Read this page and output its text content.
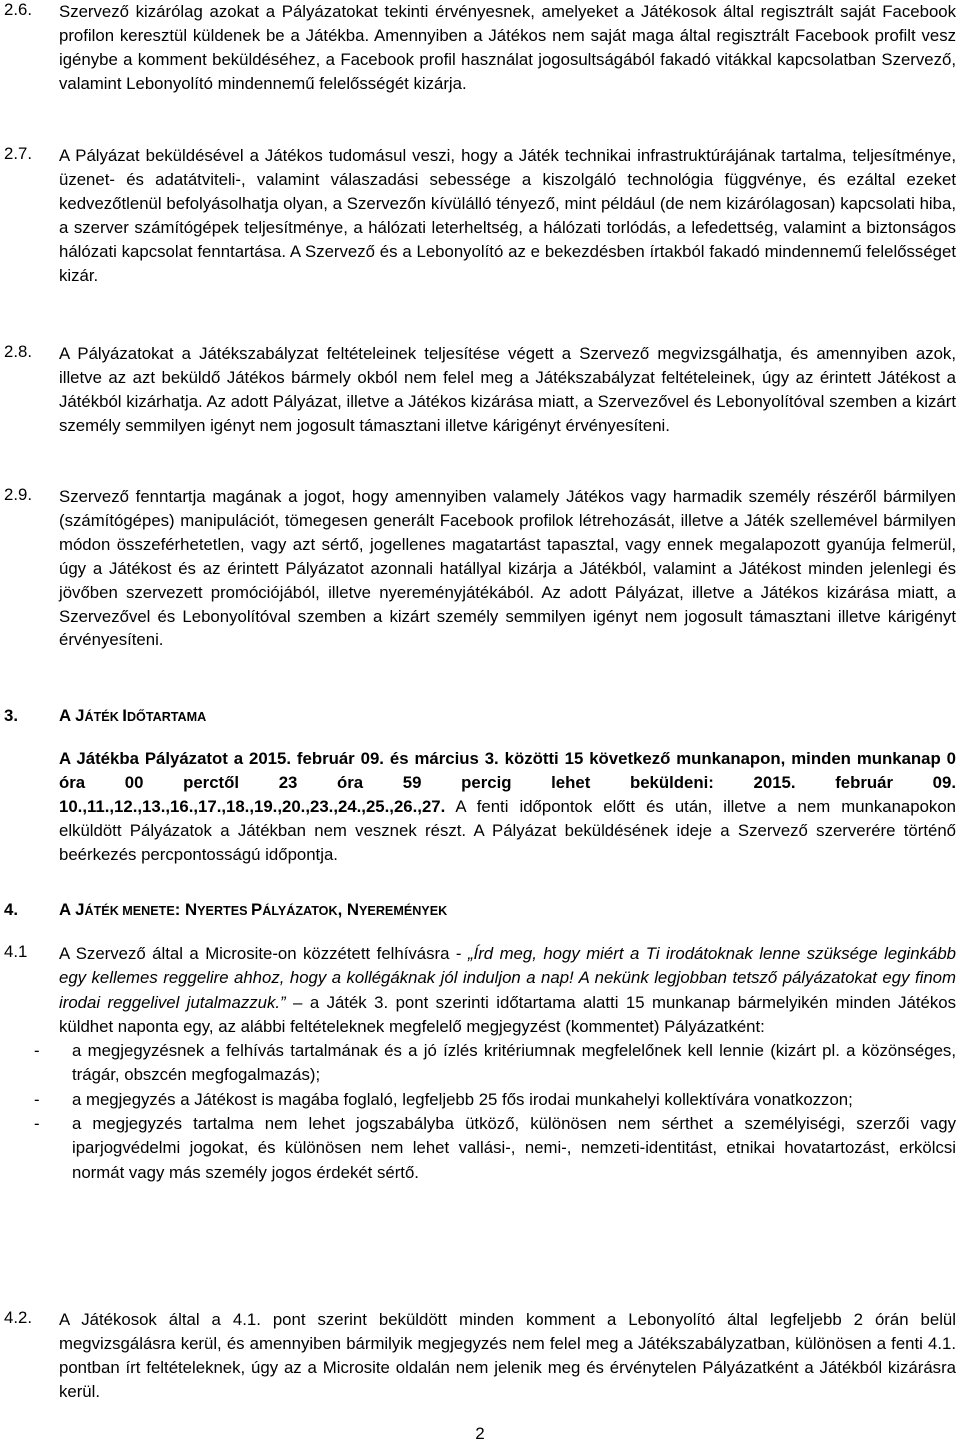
2.6. Szervező kizárólag azokat a Pályázatokat tekinti érvényesnek, amelyeket a Játékosok által regisztrált saját Facebook profilon keresztül küldenek be a Játékba. Amennyiben a Játékos nem saját maga által regisztrált Facebook profilt vesz igénybe a komment beküldéséhez, a Facebook profil használat jogosultságából fakadó vitákkal kapcsolatban Szervező, valamint Lebonyolító mindennemű felelősségét kizárja.
2.7. A Pályázat beküldésével a Játékos tudomásul veszi, hogy a Játék technikai infrastruktúrájának tartalma, teljesítménye, üzenet- és adatátviteli-, valamint válaszadási sebessége a kiszolgáló technológia függvénye, és ezáltal ezeket kedvezőtlenül befolyásolhatja olyan, a Szervezőn kívülálló tényező, mint például (de nem kizárólagosan) kapcsolati hiba, a szerver számítógépek teljesítménye, a hálózati leterheltség, a hálózati torlódás, a lefedettség, valamint a biztonságos hálózati kapcsolat fenntartása. A Szervező és a Lebonyolító az e bekezdésben írtakból fakadó mindennemű felelősséget kizár.
2.8. A Pályázatokat a Játékszabályzat feltételeinek teljesítése végett a Szervező megvizsgálhatja, és amennyiben azok, illetve az azt beküldő Játékos bármely okból nem felel meg a Játékszabályzat feltételeinek, úgy az érintett Játékost a Játékból kizárhatja. Az adott Pályázat, illetve a Játékos kizárása miatt, a Szervezővel és Lebonyolítóval szemben a kizárt személy semmilyen igényt nem jogosult támasztani illetve kárigényt érvényesíteni.
2.9. Szervező fenntartja magának a jogot, hogy amennyiben valamely Játékos vagy harmadik személy részéről bármilyen (számítógépes) manipulációt, tömegesen generált Facebook profilok létrehozását, illetve a Játék szellemével bármilyen módon összeférhetetlen, vagy azt sértő, jogellenes magatartást tapasztal, vagy ennek megalapozott gyanúja felmerül, úgy a Játékost és az érintett Pályázatot azonnali hatállyal kizárja a Játékból, valamint a Játékost minden jelenlegi és jövőben szervezett promóciójából, illetve nyereményjátékából. Az adott Pályázat, illetve a Játékos kizárása miatt, a Szervezővel és Lebonyolítóval szemben a kizárt személy semmilyen igényt nem jogosult támasztani illetve kárigényt érvényesíteni.
3. A JÁTÉK IDŐTARTAMA
A Játékba Pályázatot a 2015. február 09. és március 3. közötti 15 következő munkanapon, minden munkanap 0 óra 00 perctől 23 óra 59 percig lehet beküldeni: 2015. február 09. 10.,11.,12.,13.,16.,17.,18.,19.,20.,23.,24.,25.,26.,27. A fenti időpontok előtt és után, illetve a nem munkanapokon elküldött Pályázatok a Játékban nem vesznek részt. A Pályázat beküldésének ideje a Szervező szerverére történő beérkezés percpontosságú időpontja.
4. A JÁTÉK MENETE: NYERTES PÁLYÁZATOK, NYEREMÉNYEK
4.1 A Szervező által a Microsite-on közzétett felhívásra - „Írd meg, hogy miért a Ti irodátoknak lenne szüksége leginkább egy kellemes reggelire ahhoz, hogy a kollégáknak jól induljon a nap! A nekünk legjobban tetsző pályázatokat egy finom irodai reggelivel jutalmazzuk.” – a Játék 3. pont szerinti időtartama alatti 15 munkanap bármelyikén minden Játékos küldhet naponta egy, az alábbi feltételeknek megfelelő megjegyzést (kommentet) Pályázatként:
- a megjegyzésnek a felhívás tartalmának és a jó ízlés kritériumnak megfelelőnek kell lennie (kizárt pl. a közönséges, trágár, obszcén megfogalmazás);
- a megjegyzés a Játékost is magába foglaló, legfeljebb 25 fős irodai munkahelyi kollektívára vonatkozzon;
- a megjegyzés tartalma nem lehet jogszabályba ütköző, különösen nem sérthet a személyiségi, szerzői vagy iparjogvédelmi jogokat, és különösen nem lehet vallási-, nemi-, nemzeti-identitást, etnikai hovatartozást, erkölcsi normát vagy más személy jogos érdekét sértő.
4.2. A Játékosok által a 4.1. pont szerint beküldött minden komment a Lebonyolító által legfeljebb 2 órán belül megvizsgálásra kerül, és amennyiben bármilyik megjegyzés nem felel meg a Játékszabályzatban, különösen a fenti 4.1. pontban írt feltételeknek, úgy az a Microsite oldalán nem jelenik meg és érvénytelen Pályázatként a Játékból kizárásra kerül.
2
